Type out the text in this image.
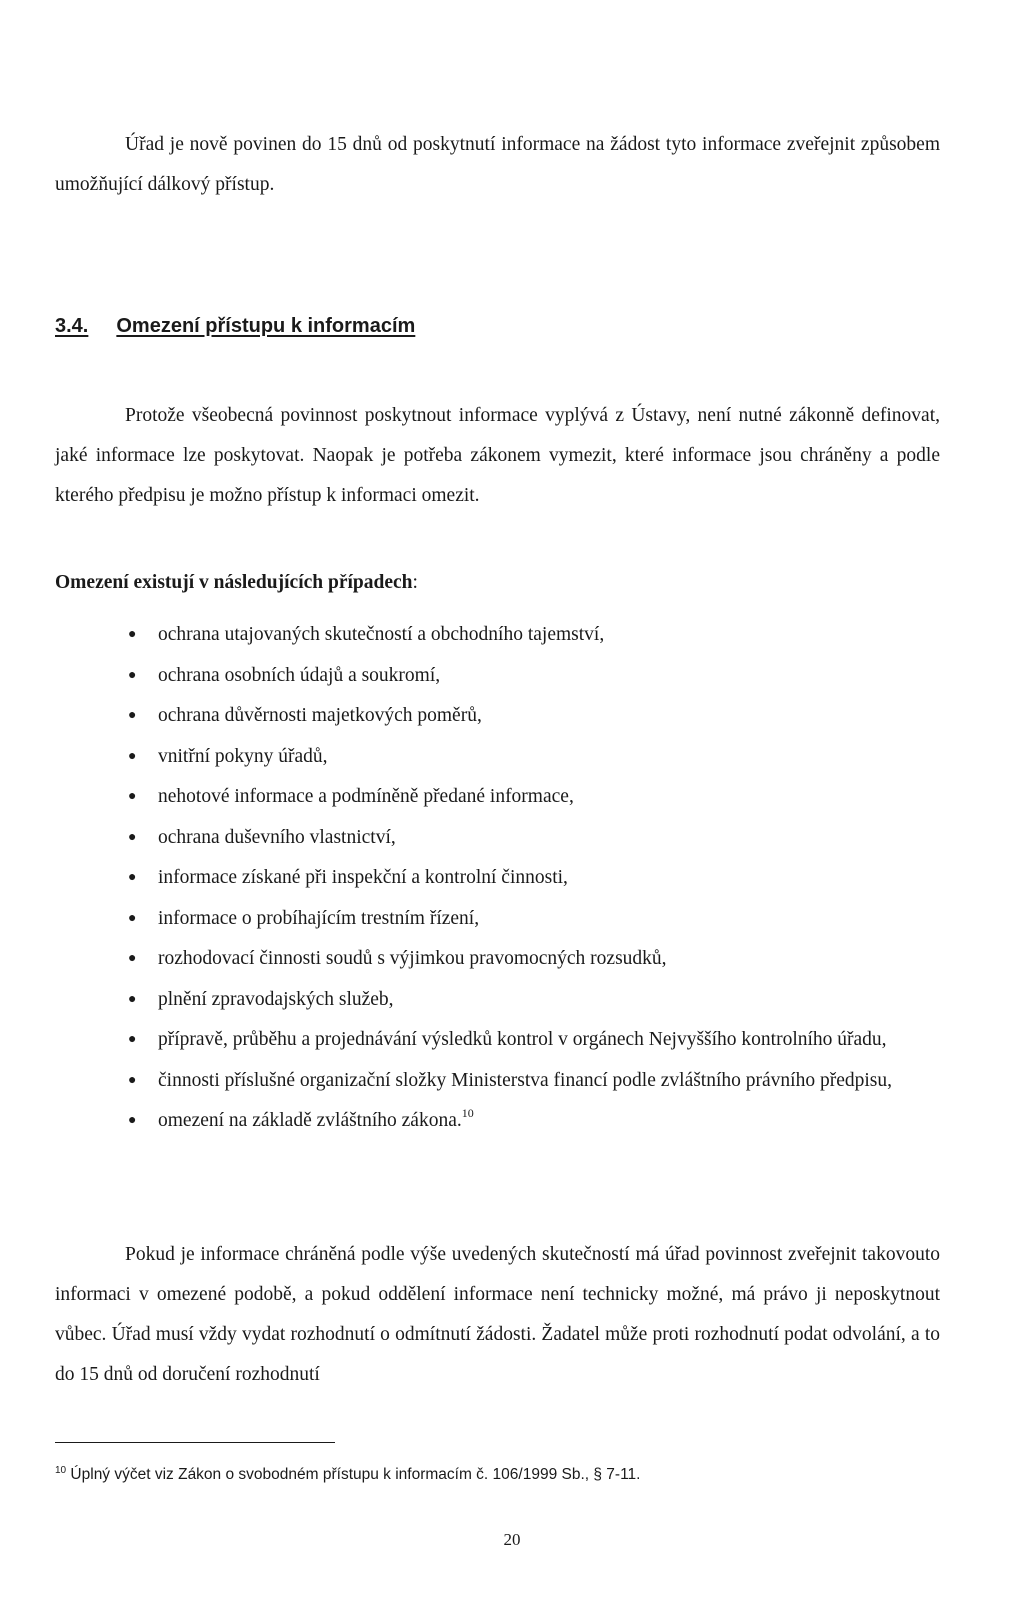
Úřad je nově povinen do 15 dnů od poskytnutí informace na žádost tyto informace zveřejnit způsobem umožňující dálkový přístup.

3.4. Omezení přístupu k informacím

Protože všeobecná povinnost poskytnout informace vyplývá z Ústavy, není nutné zákonně definovat, jaké informace lze poskytovat. Naopak je potřeba zákonem vymezit, které informace jsou chráněny a podle kterého předpisu je možno přístup k informaci omezit.

Omezení existují v následujících případech:

● ochrana utajovaných skutečností a obchodního tajemství,
● ochrana osobních údajů a soukromí,
● ochrana důvěrnosti majetkových poměrů,
● vnitřní pokyny úřadů,
● nehotové informace a podmíněně předané informace,
● ochrana duševního vlastnictví,
● informace získané při inspekční a kontrolní činnosti,
● informace o probíhajícím trestním řízení,
● rozhodovací činnosti soudů s výjimkou pravomocných rozsudků,
● plnění zpravodajských služeb,
● přípravě, průběhu a projednávání výsledků kontrol v orgánech Nejvyššího kontrolního úřadu,
● činnosti příslušné organizační složky Ministerstva financí podle zvláštního právního předpisu,
● omezení na základě zvláštního zákona.$^{10}$

Pokud je informace chráněná podle výše uvedených skutečností má úřad povinnost zveřejnit takovouto informaci v omezené podobě, a pokud oddělení informace není technicky možné, má právo ji neposkytnout vůbec. Úřad musí vždy vydat rozhodnutí o odmítnutí žádosti. Žadatel může proti rozhodnutí podat odvolání, a to do 15 dnů od doručení rozhodnutí

$^{10}$ Úplný výčet viz Zákon o svobodném přístupu k informacím č. 106/1999 Sb., § 7-11.

20
